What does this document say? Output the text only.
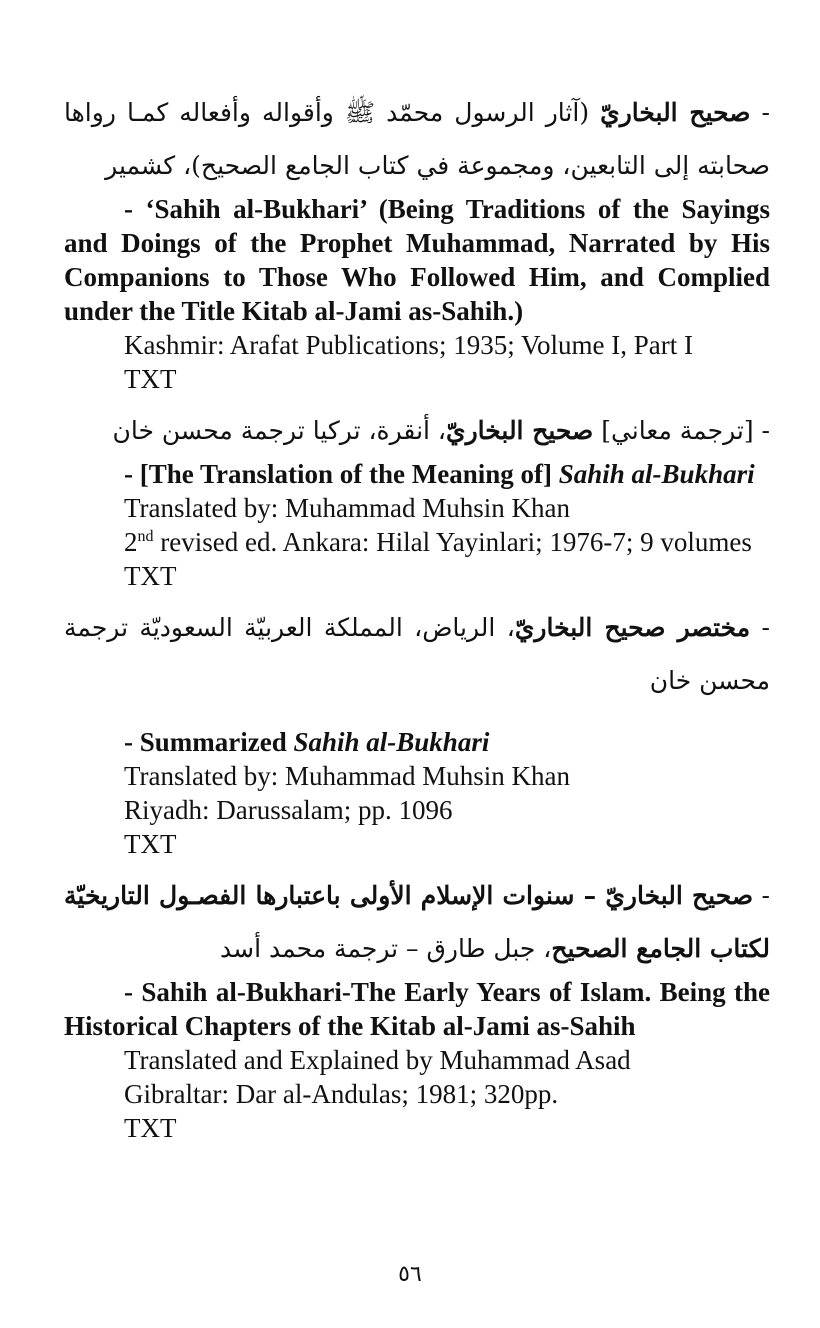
- صحيح البخاريّ (آثار الرسول محمّد ﷺ وأقواله وأفعاله كمـا رواها صحابته إلى التابعين، ومجموعة في كتاب الجامع الصحيح)، كشمير

- ‘Sahih al-Bukhari’ (Being Traditions of the Sayings and Doings of the Prophet Muhammad, Narrated by His Companions to Those Who Followed Him, and Complied under the Title Kitab al-Jami as-Sahih.)

Kashmir: Arafat Publications; 1935; Volume I, Part I
TXT

- [ترجمة معاني] صحيح البخاريّ، أنقرة، تركيا ترجمة محسن خان

- [The Translation of the Meaning of] Sahih al-Bukhari

Translated by: Muhammad Muhsin Khan
2nd revised ed. Ankara: Hilal Yayinlari; 1976-7; 9 volumes
TXT

- مختصر صحيح البخاريّ، الرياض، المملكة العربيّة السعوديّة ترجمة محسن خان

- Summarized Sahih al-Bukhari

Translated by: Muhammad Muhsin Khan
Riyadh: Darussalam; pp. 1096
TXT

- صحيح البخاريّ – سنوات الإسلام الأولى باعتبارها الفصـول التاريخيّة لكتاب الجامع الصحيح، جبل طارق – ترجمة محمد أسد

- Sahih al-Bukhari-The Early Years of Islam. Being the Historical Chapters of the Kitab al-Jami as-Sahih

Translated and Explained by Muhammad Asad
Gibraltar: Dar al-Andulas; 1981; 320pp.
TXT
٥٦
